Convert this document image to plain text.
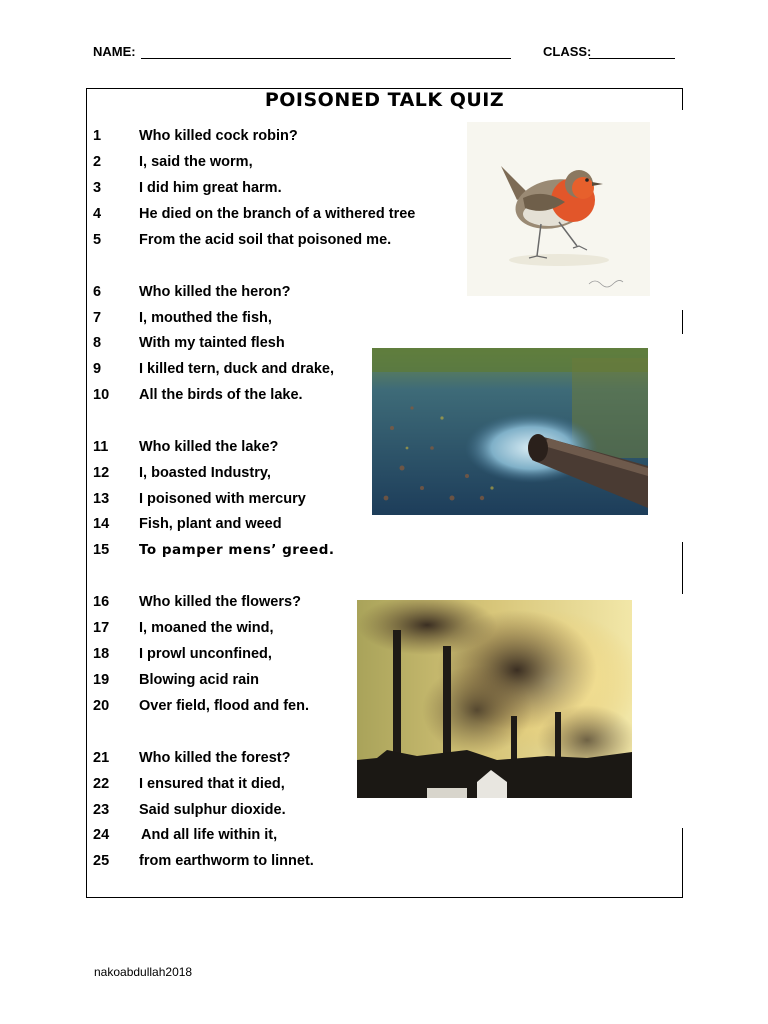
NAME:	CLASS:
POISONED TALK QUIZ
1	Who killed cock robin?
2	I, said the worm,
3	I did him great harm.
4	He died on the branch of a withered tree
5	From the acid soil that poisoned me.
6	Who killed the heron?
7	I, mouthed the fish,
8	With my tainted flesh
9	I killed tern, duck and drake,
10	All the birds of the lake.
11	Who killed the lake?
12	I, boasted Industry,
13	I poisoned with mercury
14	Fish, plant and weed
15	To pamper mens’ greed.
16	Who killed the flowers?
17	I, moaned the wind,
18	I prowl unconfined,
19	Blowing acid rain
20	Over field, flood and fen.
21	Who killed the forest?
22	I ensured that it died,
23	Said sulphur dioxide.
24	And all life within it,
25	from earthworm to linnet.
nakoabdullah2018
